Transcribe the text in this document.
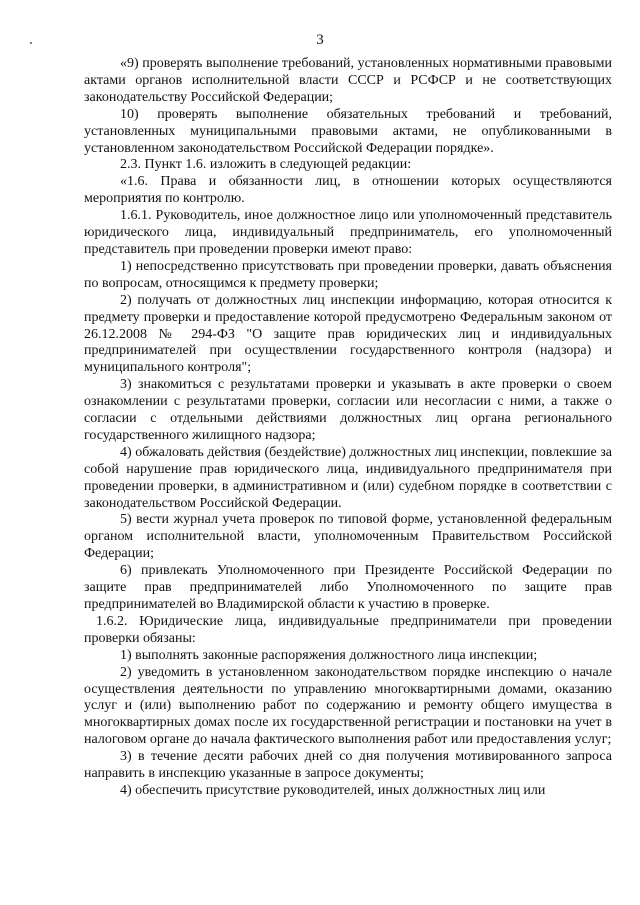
3

«9) проверять выполнение требований, установленных нормативными правовыми актами органов исполнительной власти СССР и РСФСР и не соответствующих законодательству Российской Федерации;

10) проверять выполнение обязательных требований и требований, установленных муниципальными правовыми актами, не опубликованными в установленном законодательством Российской Федерации порядке».

2.3. Пункт 1.6. изложить в следующей редакции:

«1.6. Права и обязанности лиц, в отношении которых осуществляются мероприятия по контролю.

1.6.1. Руководитель, иное должностное лицо или уполномоченный представитель юридического лица, индивидуальный предприниматель, его уполномоченный представитель при проведении проверки имеют право:

1) непосредственно присутствовать при проведении проверки, давать объяснения по вопросам, относящимся к предмету проверки;

2) получать от должностных лиц инспекции информацию, которая относится к предмету проверки и предоставление которой предусмотрено Федеральным законом от 26.12.2008 № 294-ФЗ "О защите прав юридических лиц и индивидуальных предпринимателей при осуществлении государственного контроля (надзора) и муниципального контроля";

3) знакомиться с результатами проверки и указывать в акте проверки о своем ознакомлении с результатами проверки, согласии или несогласии с ними, а также о согласии с отдельными действиями должностных лиц органа регионального государственного жилищного надзора;

4) обжаловать действия (бездействие) должностных лиц инспекции, повлекшие за собой нарушение прав юридического лица, индивидуального предпринимателя при проведении проверки, в административном и (или) судебном порядке в соответствии с законодательством Российской Федерации.

5) вести журнал учета проверок по типовой форме, установленной федеральным органом исполнительной власти, уполномоченным Правительством Российской Федерации;

6) привлекать Уполномоченного при Президенте Российской Федерации по защите прав предпринимателей либо Уполномоченного по защите прав предпринимателей во Владимирской области к участию в проверке.

1.6.2. Юридические лица, индивидуальные предприниматели при проведении проверки обязаны:

1) выполнять законные распоряжения должностного лица инспекции;

2) уведомить в установленном законодательством порядке инспекцию о начале осуществления деятельности по управлению многоквартирными домами, оказанию услуг и (или) выполнению работ по содержанию и ремонту общего имущества в многоквартирных домах после их государственной регистрации и постановки на учет в налоговом органе до начала фактического выполнения работ или предоставления услуг;

3) в течение десяти рабочих дней со дня получения мотивированного запроса направить в инспекцию указанные в запросе документы;

4) обеспечить присутствие руководителей, иных должностных лиц или
